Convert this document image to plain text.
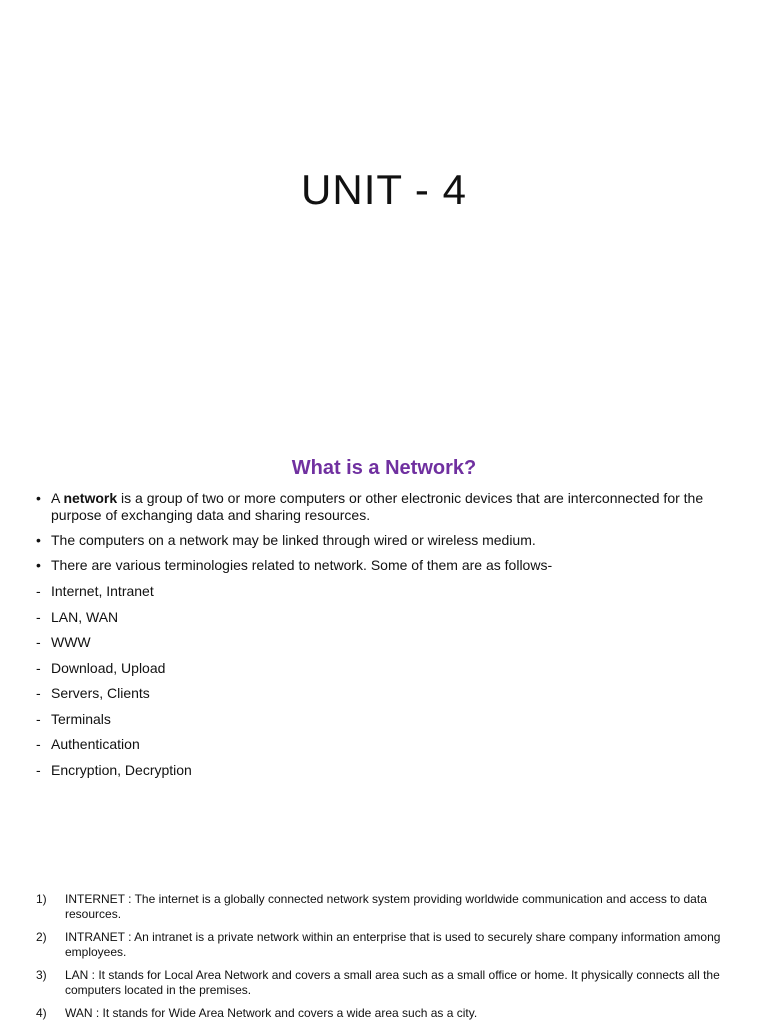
UNIT - 4
What is a Network?
• A network is a group of two or more computers or other electronic devices that are interconnected for the purpose of exchanging data and sharing resources.
• The computers on a network may be linked through wired or wireless medium.
• There are various terminologies related to network. Some of them are as follows-
- Internet, Intranet
- LAN, WAN
- WWW
- Download, Upload
- Servers, Clients
- Terminals
- Authentication
- Encryption, Decryption
1) INTERNET : The internet is a globally connected network system providing worldwide communication and access to data resources.
2) INTRANET : An intranet is a private network within an enterprise that is used to securely share company information among employees.
3) LAN : It stands for Local Area Network and covers a small area such as a small office or home. It physically connects all the computers located in the premises.
4) WAN : It stands for Wide Area Network and covers a wide area such as a city.
